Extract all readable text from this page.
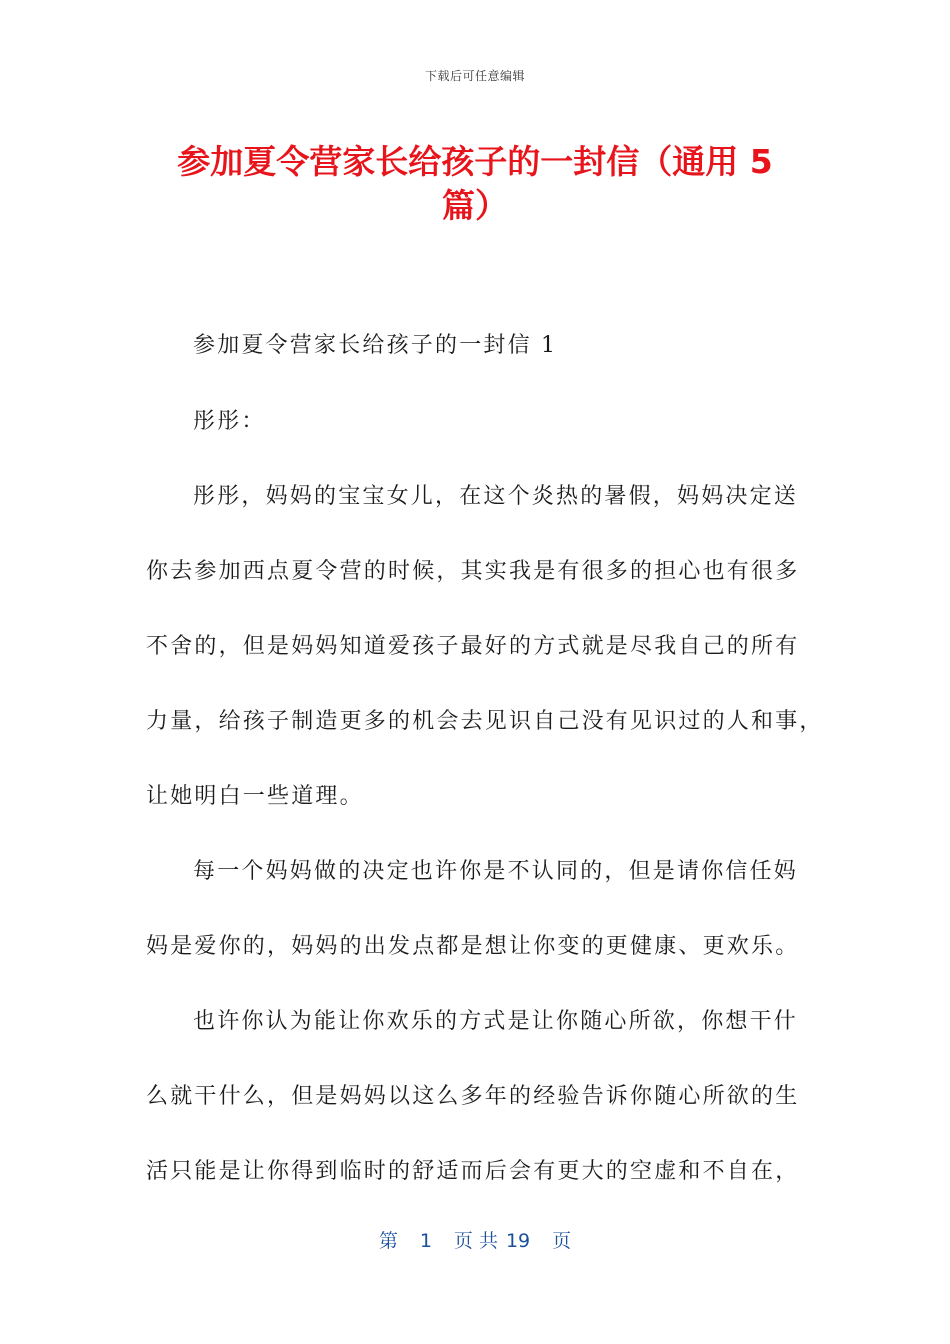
下载后可任意编辑
参加夏令营家长给孩子的一封信（通用 5
篇）

参加夏令营家长给孩子的一封信 1

彤彤：

彤彤，妈妈的宝宝女儿，在这个炎热的暑假，妈妈决定送

你去参加西点夏令营的时候，其实我是有很多的担心也有很多

不舍的，但是妈妈知道爱孩子最好的方式就是尽我自己的所有

力量，给孩子制造更多的机会去见识自己没有见识过的人和事，

让她明白一些道理。

每一个妈妈做的决定也许你是不认同的，但是请你信任妈

妈是爱你的，妈妈的出发点都是想让你变的更健康、更欢乐。

也许你认为能让你欢乐的方式是让你随心所欲，你想干什

么就干什么，但是妈妈以这么多年的经验告诉你随心所欲的生

活只能是让你得到临时的舒适而后会有更大的空虚和不自在，

第 1 页 共 19 页
